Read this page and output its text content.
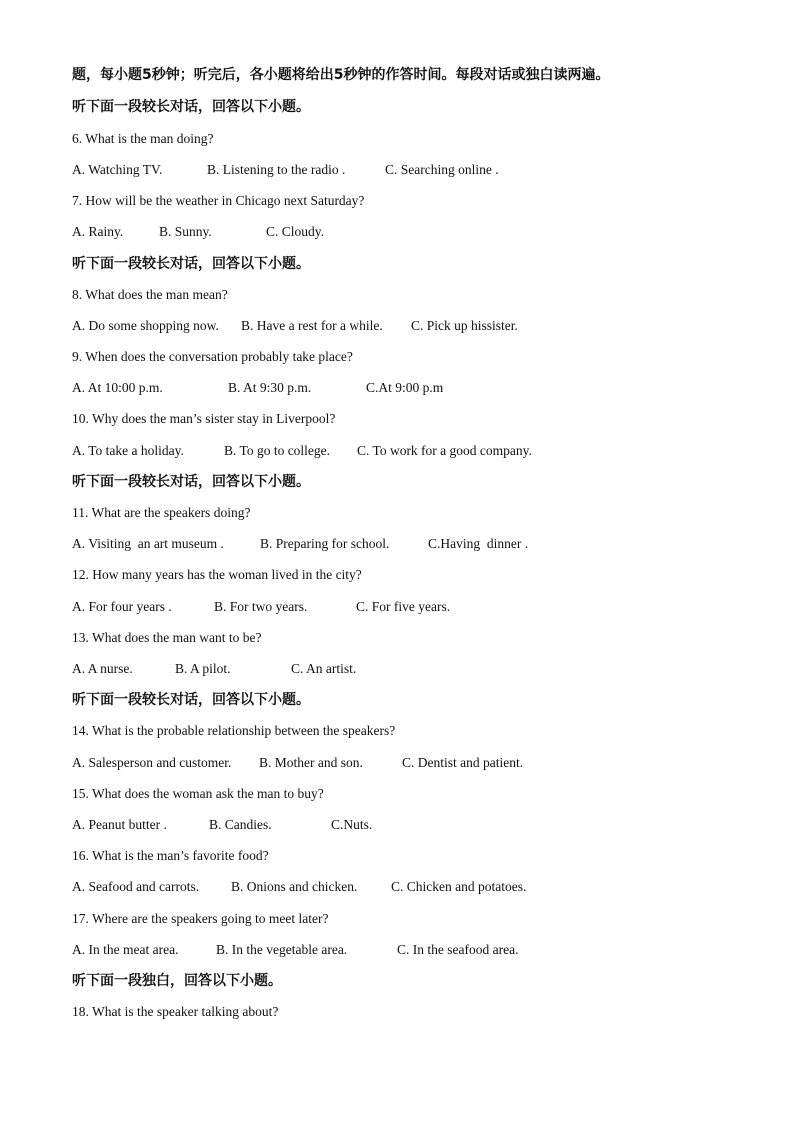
题，每小题5秒钟；听完后，各小题将给出5秒钟的作答时间。每段对话或独白读两遍。
听下面一段较长对话，回答以下小题。
6. What is the man doing?
A. Watching TV.	B. Listening to the radio .	C. Searching online .
7. How will be the weather in Chicago next Saturday?
A. Rainy.	B. Sunny.	C. Cloudy.
听下面一段较长对话，回答以下小题。
8. What does the man mean?
A. Do some shopping now. B. Have a rest for a while. C. Pick up hissister.
9. When does the conversation probably take place?
A. At 10:00 p.m.	B. At 9:30 p.m.	C.At 9:00 p.m
10. Why does the man’s sister stay in Liverpool?
A. To take a holiday.	B. To go to college. C. To work for a good company.
听下面一段较长对话，回答以下小题。
11. What are the speakers doing?
A. Visiting  an art museum .	B. Preparing for school.	C.Having  dinner .
12. How many years has the woman lived in the city?
A. For four years .	B. For two years.	C. For five years.
13. What does the man want to be?
A. A nurse.	B. A pilot.	C. An artist.
听下面一段较长对话，回答以下小题。
14. What is the probable relationship between the speakers?
A. Salesperson and customer. B. Mother and son.	C. Dentist and patient.
15. What does the woman ask the man to buy?
A. Peanut butter .	B. Candies.	C.Nuts.
16. What is the man’s favorite food?
A. Seafood and carrots. B. Onions and chicken. C. Chicken and potatoes.
17. Where are the speakers going to meet later?
A. In the meat area.	B. In the vegetable area.	C. In the seafood area.
听下面一段独白，回答以下小题。
18. What is the speaker talking about?
